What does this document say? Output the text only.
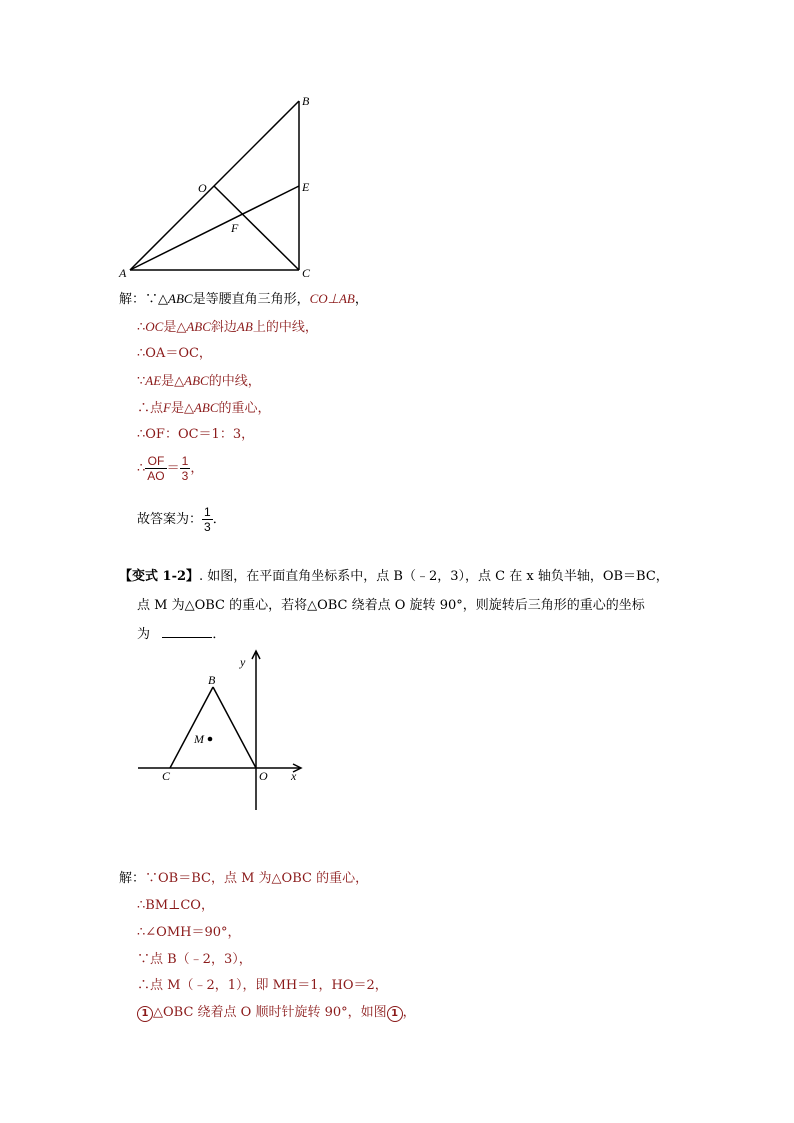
A
B
C
O	E
F
y
B
M
C	O x
解：∵△ABC是等腰直角三角形，CO⊥AB，
∴OC是△ABC斜边AB上的中线，
∴OA＝OC，
∵AE是△ABC的中线，
∴点F是△ABC的重心，
∴OF：OC＝1：3，
∴ $\frac{OF}{AO} = \frac{1}{3}$ ，
故答案为： $\frac{1}{3}$ ．
【变式 1-2】. 如图，在平面直角坐标系中，点 B（﹣2，3），点 C 在 x 轴负半轴，OB＝BC，
点 M 为△OBC 的重心，若将△OBC 绕着点 O 旋转 90°，则旋转后三角形的重心的坐标
为	．
解：∵OB＝BC，点 M 为△OBC 的重心，
∴BM⊥CO，
∴∠OMH＝90°，
∵点 B（﹣2，3），
∴点 M（﹣2，1），即 MH＝1，HO＝2，
1 △OBC 绕着点 O 顺时针旋转 90°，如图 1 ，
